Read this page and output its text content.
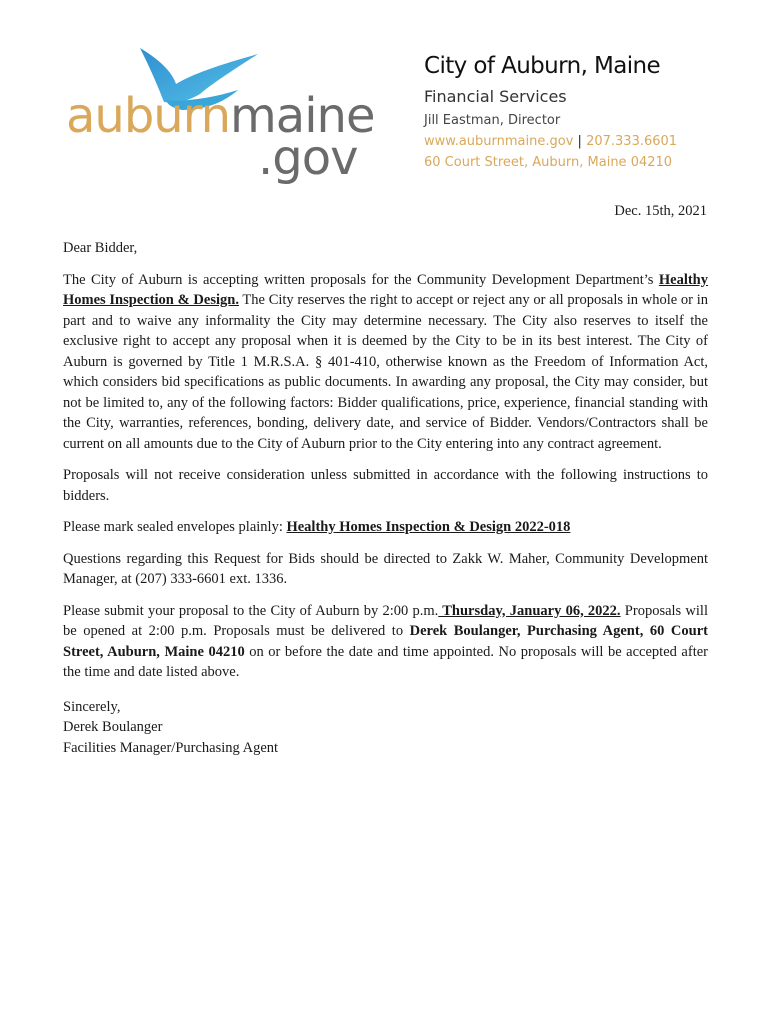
auburnmaine
.gov
City of Auburn, Maine
Financial Services
Jill Eastman, Director
www.auburnmaine.gov | 207.333.6601
60 Court Street, Auburn, Maine 04210
Dec. 15th, 2021

Dear Bidder,

The City of Auburn is accepting written proposals for the Community Development Department’s Healthy Homes Inspection & Design. The City reserves the right to accept or reject any or all proposals in whole or in part and to waive any informality the City may determine necessary. The City also reserves to itself the exclusive right to accept any proposal when it is deemed by the City to be in its best interest. The City of Auburn is governed by Title 1 M.R.S.A. § 401-410, otherwise known as the Freedom of Information Act, which considers bid specifications as public documents. In awarding any proposal, the City may consider, but not be limited to, any of the following factors: Bidder qualifications, price, experience, financial standing with the City, warranties, references, bonding, delivery date, and service of Bidder. Vendors/Contractors shall be current on all amounts due to the City of Auburn prior to the City entering into any contract agreement.

Proposals will not receive consideration unless submitted in accordance with the following instructions to bidders.

Please mark sealed envelopes plainly: Healthy Homes Inspection & Design 2022-018

Questions regarding this Request for Bids should be directed to Zakk W. Maher, Community Development Manager, at (207) 333-6601 ext. 1336.

Please submit your proposal to the City of Auburn by 2:00 p.m. Thursday, January 06, 2022. Proposals will be opened at 2:00 p.m. Proposals must be delivered to Derek Boulanger, Purchasing Agent, 60 Court Street, Auburn, Maine 04210 on or before the date and time appointed. No proposals will be accepted after the time and date listed above.

Sincerely,
Derek Boulanger
Facilities Manager/Purchasing Agent
